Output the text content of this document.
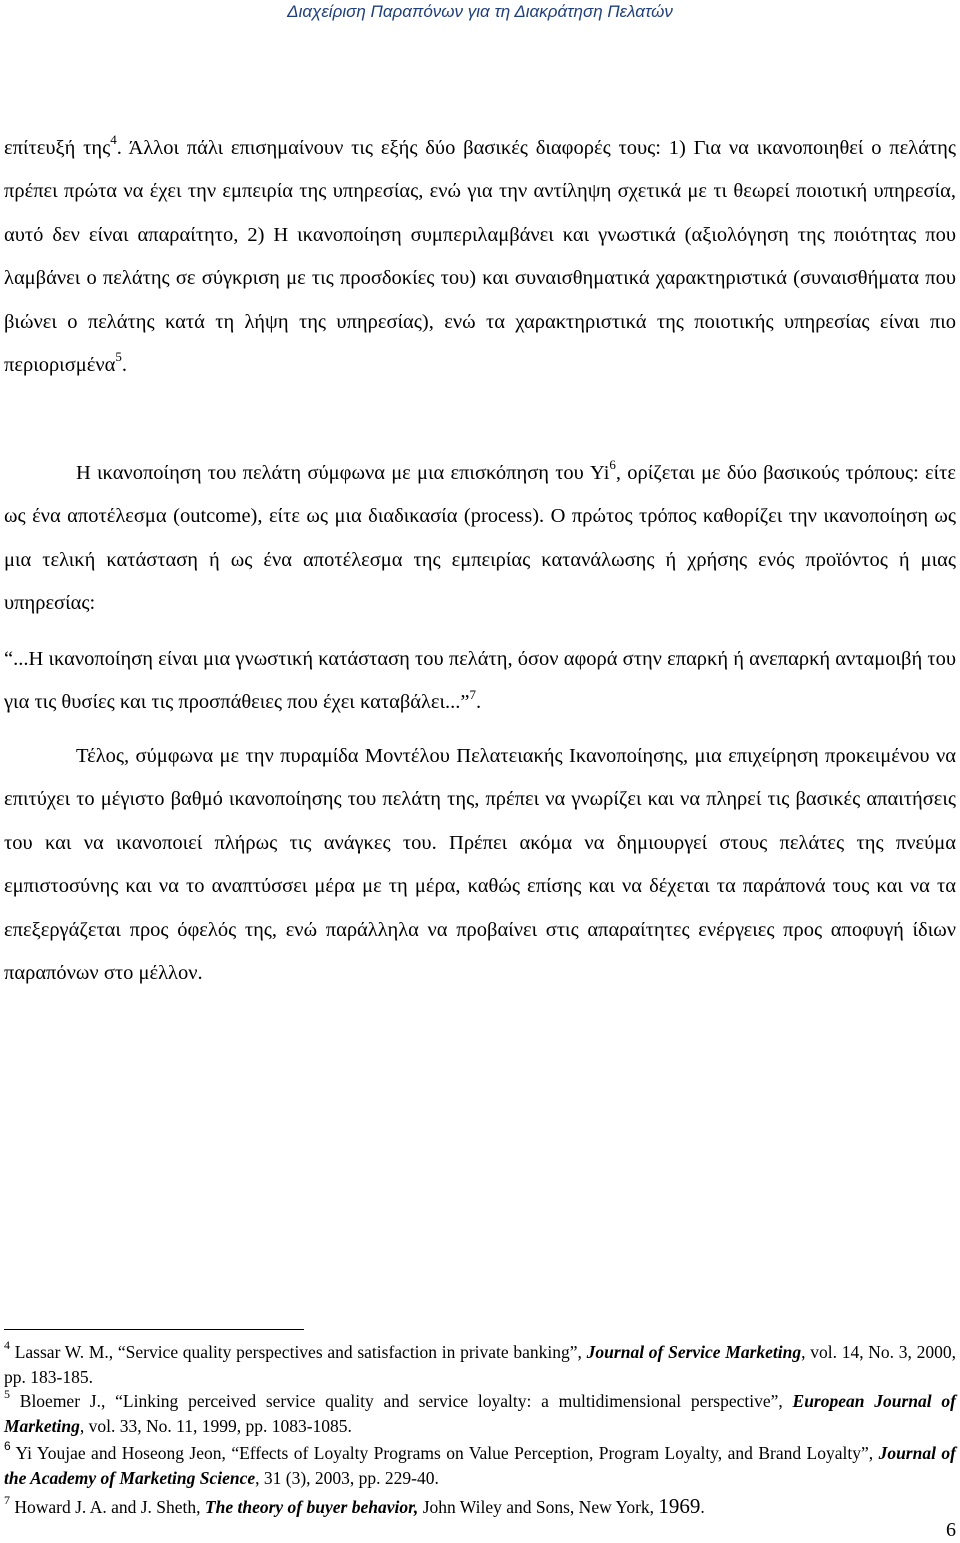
Διαχείριση Παραπόνων για τη Διακράτηση Πελατών

επίτευξή της$^4$. Άλλοι πάλι επισημαίνουν τις εξής δύο βασικές διαφορές τους: 1) Για να ικανοποιηθεί ο πελάτης πρέπει πρώτα να έχει την εμπειρία της υπηρεσίας, ενώ για την αντίληψη σχετικά με τι θεωρεί ποιοτική υπηρεσία, αυτό δεν είναι απαραίτητο, 2) Η ικανοποίηση συμπεριλαμβάνει και γνωστικά (αξιολόγηση της ποιότητας που λαμβάνει ο πελάτης σε σύγκριση με τις προσδοκίες του) και συναισθηματικά χαρακτηριστικά (συναισθήματα που βιώνει ο πελάτης κατά τη λήψη της υπηρεσίας), ενώ τα χαρακτηριστικά της ποιοτικής υπηρεσίας είναι πιο περιορισμένα$^5$.

Η ικανοποίηση του πελάτη σύμφωνα με μια επισκόπηση του Yi$^6$, ορίζεται με δύο βασικούς τρόπους: είτε ως ένα αποτέλεσμα (outcome), είτε ως μια διαδικασία (process). Ο πρώτος τρόπος καθορίζει την ικανοποίηση ως μια τελική κατάσταση ή ως ένα αποτέλεσμα της εμπειρίας κατανάλωσης ή χρήσης ενός προϊόντος ή μιας υπηρεσίας:

“...Η ικανοποίηση είναι μια γνωστική κατάσταση του πελάτη, όσον αφορά στην επαρκή ή ανεπαρκή ανταμοιβή του για τις θυσίες και τις προσπάθειες που έχει καταβάλει...”$^7$.

Τέλος, σύμφωνα με την πυραμίδα Μοντέλου Πελατειακής Ικανοποίησης, μια επιχείρηση προκειμένου να επιτύχει το μέγιστο βαθμό ικανοποίησης του πελάτη της, πρέπει να γνωρίζει και να πληρεί τις βασικές απαιτήσεις του και να ικανοποιεί πλήρως τις ανάγκες του. Πρέπει ακόμα να δημιουργεί στους πελάτες της πνεύμα εμπιστοσύνης και να το αναπτύσσει μέρα με τη μέρα, καθώς επίσης και να δέχεται τα παράπονά τους και να τα επεξεργάζεται προς όφελός της, ενώ παράλληλα να προβαίνει στις απαραίτητες ενέργειες προς αποφυγή ίδιων παραπόνων στο μέλλον.

$^4$ Lassar W. M., “Service quality perspectives and satisfaction in private banking”, Journal of Service Marketing, vol. 14, No. 3, 2000, pp. 183-185.

$^5$ Bloemer J., “Linking perceived service quality and service loyalty: a multidimensional perspective”, European Journal of Marketing, vol. 33, No. 11, 1999, pp. 1083-1085.

$^6$ Yi Youjae and Hoseong Jeon, “Effects of Loyalty Programs on Value Perception, Program Loyalty, and Brand Loyalty”, Journal of the Academy of Marketing Science, 31 (3), 2003, pp. 229-40.

$^7$ Howard J. A. and J. Sheth, The theory of buyer behavior, John Wiley and Sons, New York, 1969.

6
